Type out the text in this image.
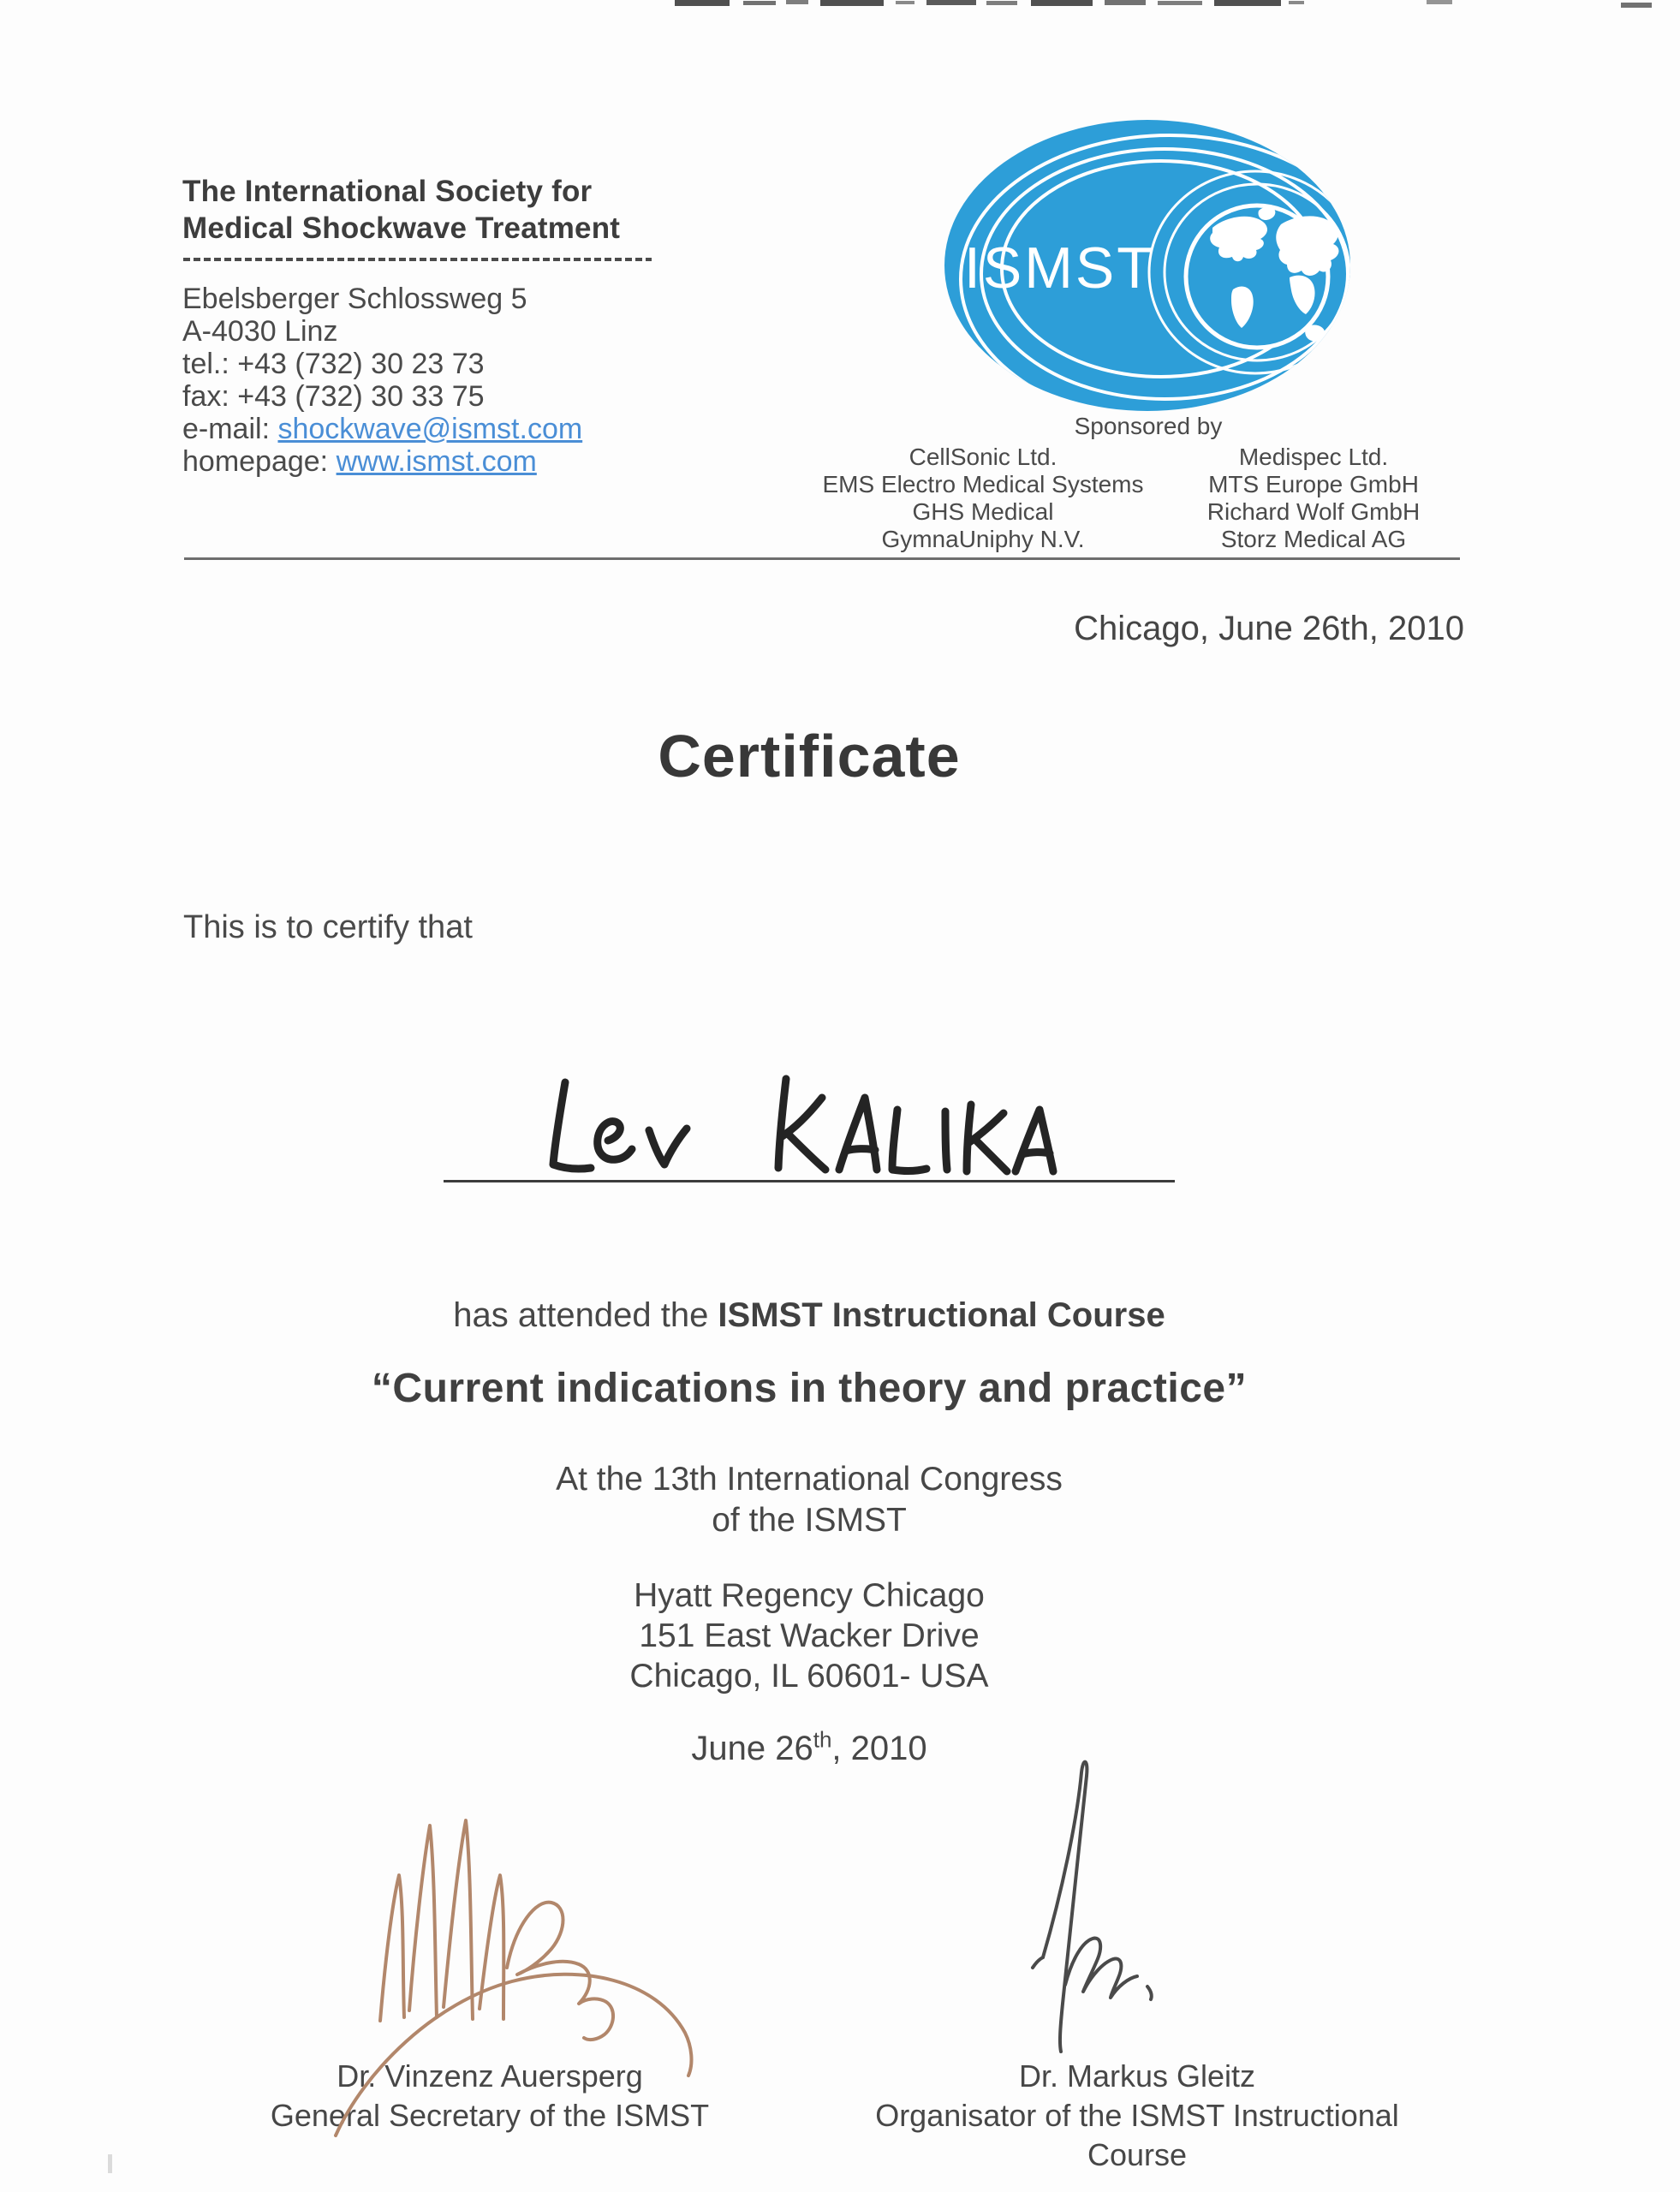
The International Society for
Medical Shockwave Treatment
Ebelsberger Schlossweg 5
A-4030 Linz
tel.: +43 (732) 30 23 73
fax: +43 (732) 30 33 75
e-mail: shockwave@ismst.com
homepage: www.ismst.com
ISMST
Sponsored by
CellSonic Ltd.
EMS Electro Medical Systems
GHS Medical
GymnaUniphy N.V.
Medispec Ltd.
MTS Europe GmbH
Richard Wolf GmbH
Storz Medical AG
Chicago, June 26th, 2010
Certificate
This is to certify that
has attended the ISMST Instructional Course
“Current indications in theory and practice”
At the 13th International Congress
of the ISMST
Hyatt Regency Chicago
151 East Wacker Drive
Chicago, IL 60601- USA
June 26th, 2010
Dr. Vinzenz Auersperg
General Secretary of the ISMST
Dr. Markus Gleitz
Organisator of the ISMST Instructional Course
